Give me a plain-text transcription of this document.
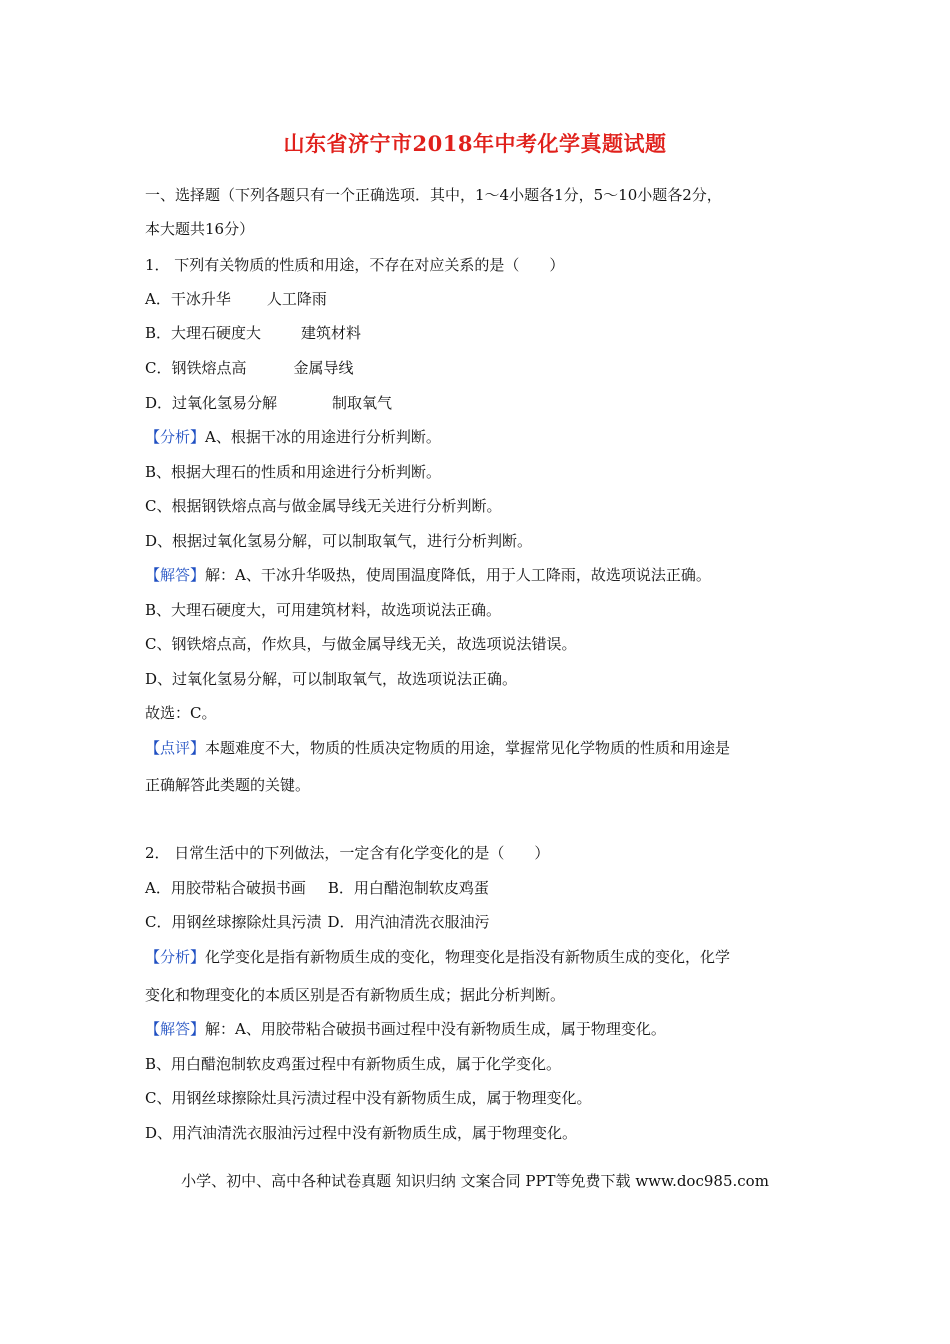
山东省济宁市2018年中考化学真题试题
一、选择题（下列各题只有一个正确选项．其中，1～4小题各1分，5～10小题各2分，
本大题共16分）
1． 下列有关物质的性质和用途，不存在对应关系的是（　　）
A．干冰升华 人工降雨
B．大理石硬度大	建筑材料
C．钢铁熔点高	金属导线
D．过氧化氢易分解	制取氧气
【分析】A、根据干冰的用途进行分析判断。
B、根据大理石的性质和用途进行分析判断。
C、根据钢铁熔点高与做金属导线无关进行分析判断。
D、根据过氧化氢易分解，可以制取氧气，进行分析判断。
【解答】解：A、干冰升华吸热，使周围温度降低，用于人工降雨，故选项说法正确。
B、大理石硬度大，可用建筑材料，故选项说法正确。
C、钢铁熔点高，作炊具，与做金属导线无关，故选项说法错误。
D、过氧化氢易分解，可以制取氧气，故选项说法正确。
故选：C。
【点评】本题难度不大，物质的性质决定物质的用途，掌握常见化学物质的性质和用途是
正确解答此类题的关键。
2． 日常生活中的下列做法，一定含有化学变化的是（　　）
A．用胶带粘合破损书画 B．用白醋泡制软皮鸡蛋
C．用钢丝球擦除灶具污渍 D．用汽油清洗衣服油污
【分析】化学变化是指有新物质生成的变化，物理变化是指没有新物质生成的变化，化学
变化和物理变化的本质区别是否有新物质生成；据此分析判断。
【解答】解：A、用胶带粘合破损书画过程中没有新物质生成，属于物理变化。
B、用白醋泡制软皮鸡蛋过程中有新物质生成，属于化学变化。
C、用钢丝球擦除灶具污渍过程中没有新物质生成，属于物理变化。
D、用汽油清洗衣服油污过程中没有新物质生成，属于物理变化。
小学、初中、高中各种试卷真题 知识归纳 文案合同 PPT等免费下载 www.doc985.com
